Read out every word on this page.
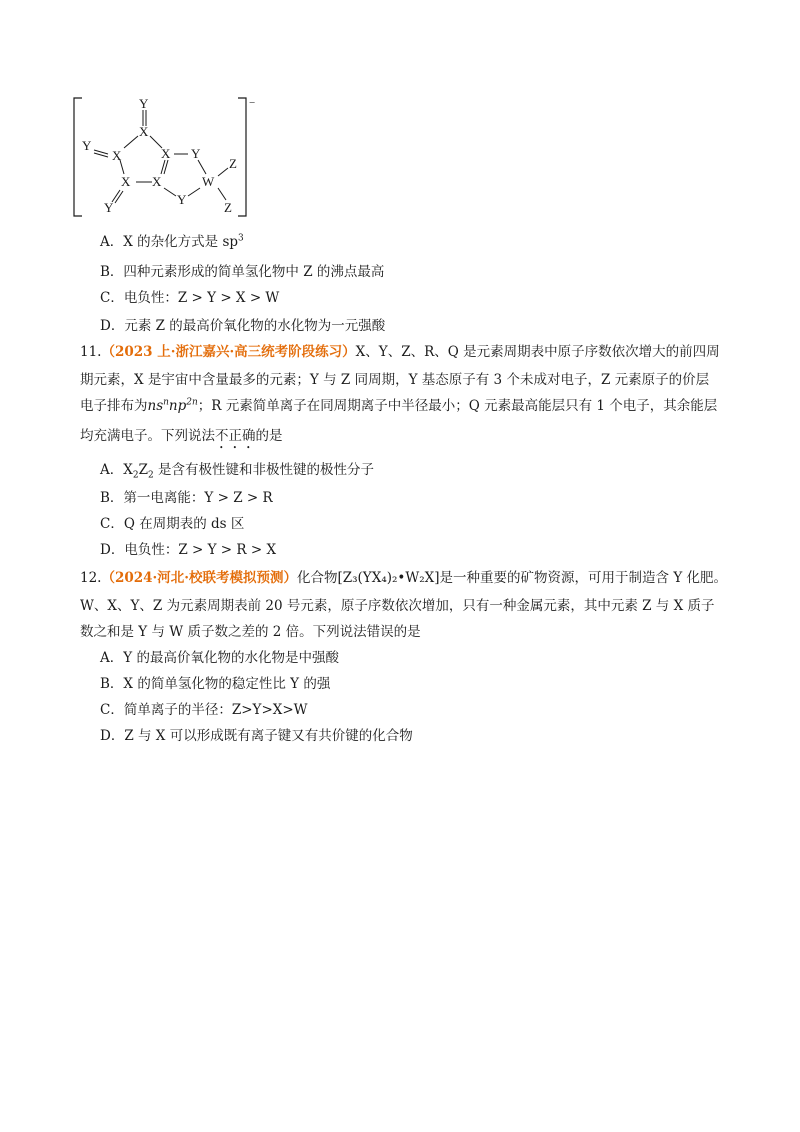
−
Y
X
Y
X	X Y
X X	W
Z
Y
Y
Z
A．X 的杂化方式是 $sp^3$
B．四种元素形成的简单氢化物中 Z 的沸点最高
C．电负性：Z > Y > X > W
D．元素 Z 的最高价氧化物的水化物为一元强酸
11.（2023 上·浙江嘉兴·高三统考阶段练习）X、Y、Z、R、Q 是元素周期表中原子序数依次增大的前四周
期元素，X 是宇宙中含量最多的元素；Y 与 Z 同周期，Y 基态原子有 3 个未成对电子，Z 元素原子的价层
电子排布为$ns^nnp^{2n}$；R 元素简单离子在同周期离子中半径最小；Q 元素最高能层只有 1 个电子，其余能层
均充满电子。下列说法不正确的是
A．$X_2Z_2$ 是含有极性键和非极性键的极性分子
B．第一电离能：Y > Z > R
C．Q 在周期表的 ds 区
D．电负性：Z > Y > R > X
12.（2024·河北·校联考模拟预测）化合物[Z₃(YX₄)₂•W₂X]是一种重要的矿物资源，可用于制造含 Y 化肥。
W、X、Y、Z 为元素周期表前 20 号元素，原子序数依次增加，只有一种金属元素，其中元素 Z 与 X 质子
数之和是 Y 与 W 质子数之差的 2 倍。下列说法错误的是
A．Y 的最高价氧化物的水化物是中强酸
B．X 的简单氢化物的稳定性比 Y 的强
C．简单离子的半径：Z>Y>X>W
D．Z 与 X 可以形成既有离子键又有共价键的化合物
